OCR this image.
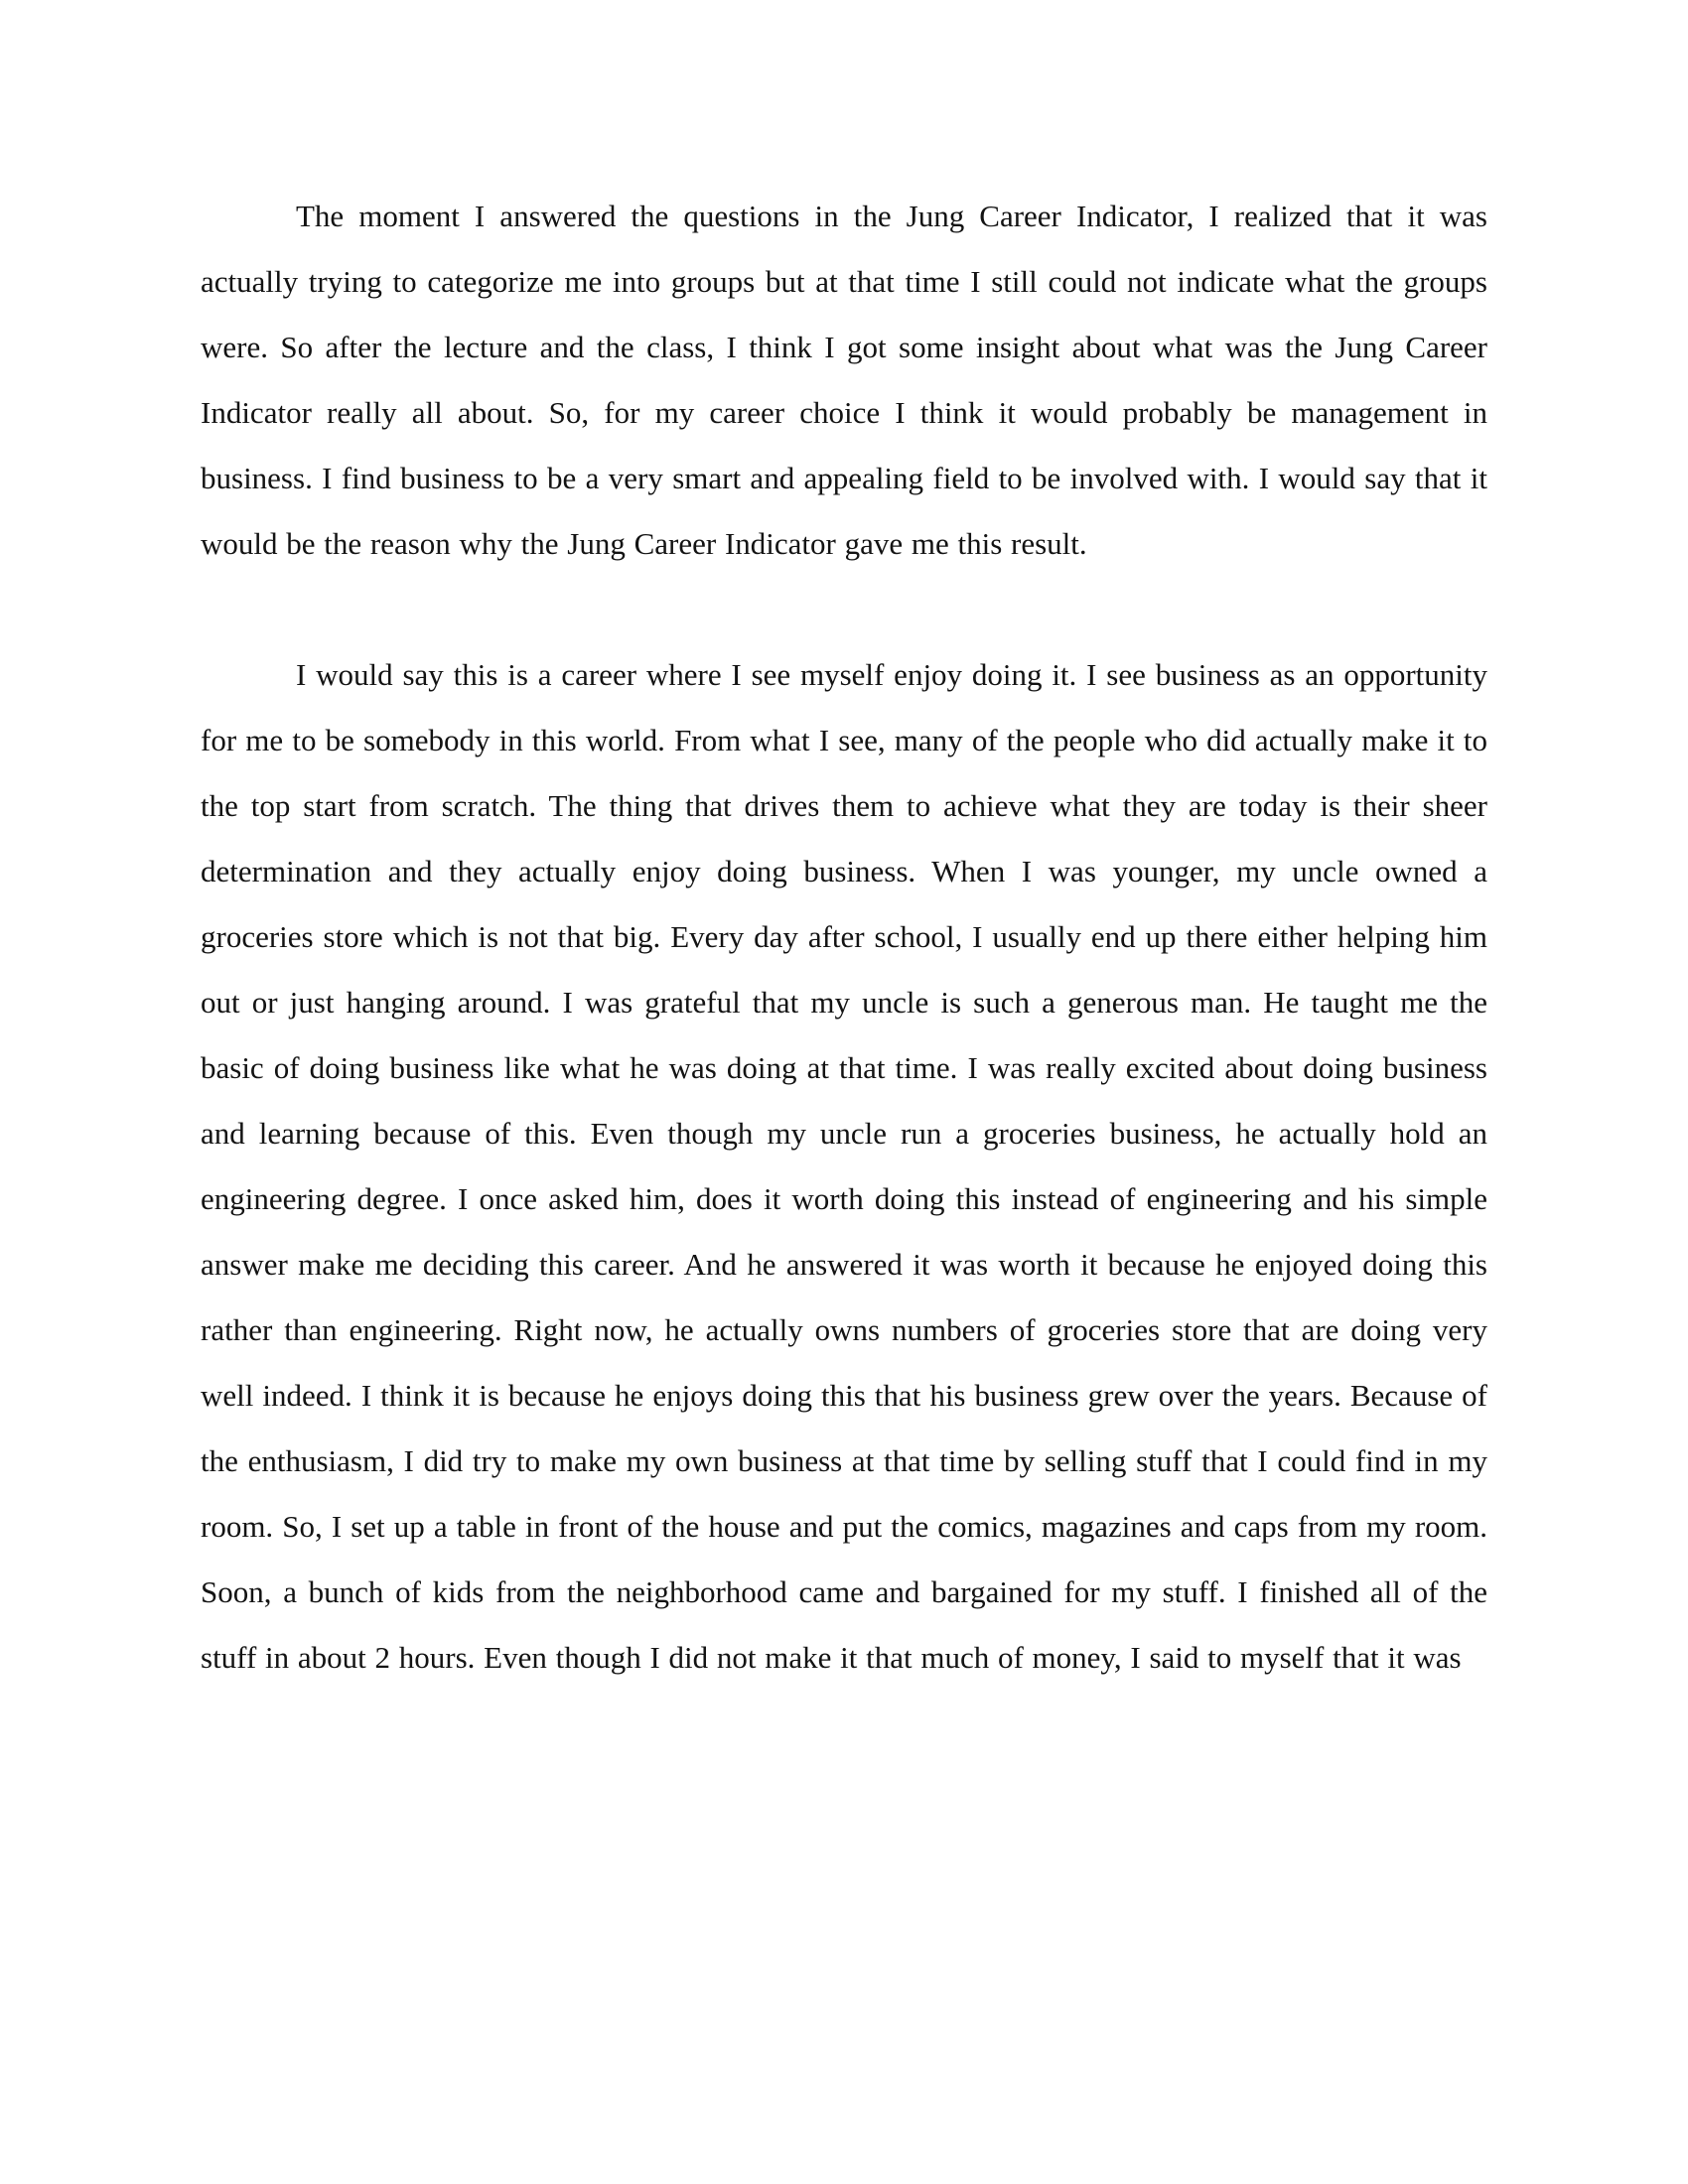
The moment I answered the questions in the Jung Career Indicator, I realized that it was actually trying to categorize me into groups but at that time I still could not indicate what the groups were. So after the lecture and the class, I think I got some insight about what was the Jung Career Indicator really all about. So, for my career choice I think it would probably be management in business. I find business to be a very smart and appealing field to be involved with. I would say that it would be the reason why the Jung Career Indicator gave me this result.

I would say this is a career where I see myself enjoy doing it. I see business as an opportunity for me to be somebody in this world. From what I see, many of the people who did actually make it to the top start from scratch. The thing that drives them to achieve what they are today is their sheer determination and they actually enjoy doing business. When I was younger, my uncle owned a groceries store which is not that big. Every day after school, I usually end up there either helping him out or just hanging around. I was grateful that my uncle is such a generous man. He taught me the basic of doing business like what he was doing at that time. I was really excited about doing business and learning because of this. Even though my uncle run a groceries business, he actually hold an engineering degree. I once asked him, does it worth doing this instead of engineering and his simple answer make me deciding this career. And he answered it was worth it because he enjoyed doing this rather than engineering. Right now, he actually owns numbers of groceries store that are doing very well indeed. I think it is because he enjoys doing this that his business grew over the years. Because of the enthusiasm, I did try to make my own business at that time by selling stuff that I could find in my room. So, I set up a table in front of the house and put the comics, magazines and caps from my room. Soon, a bunch of kids from the neighborhood came and bargained for my stuff. I finished all of the stuff in about 2 hours. Even though I did not make it that much of money, I said to myself that it was
